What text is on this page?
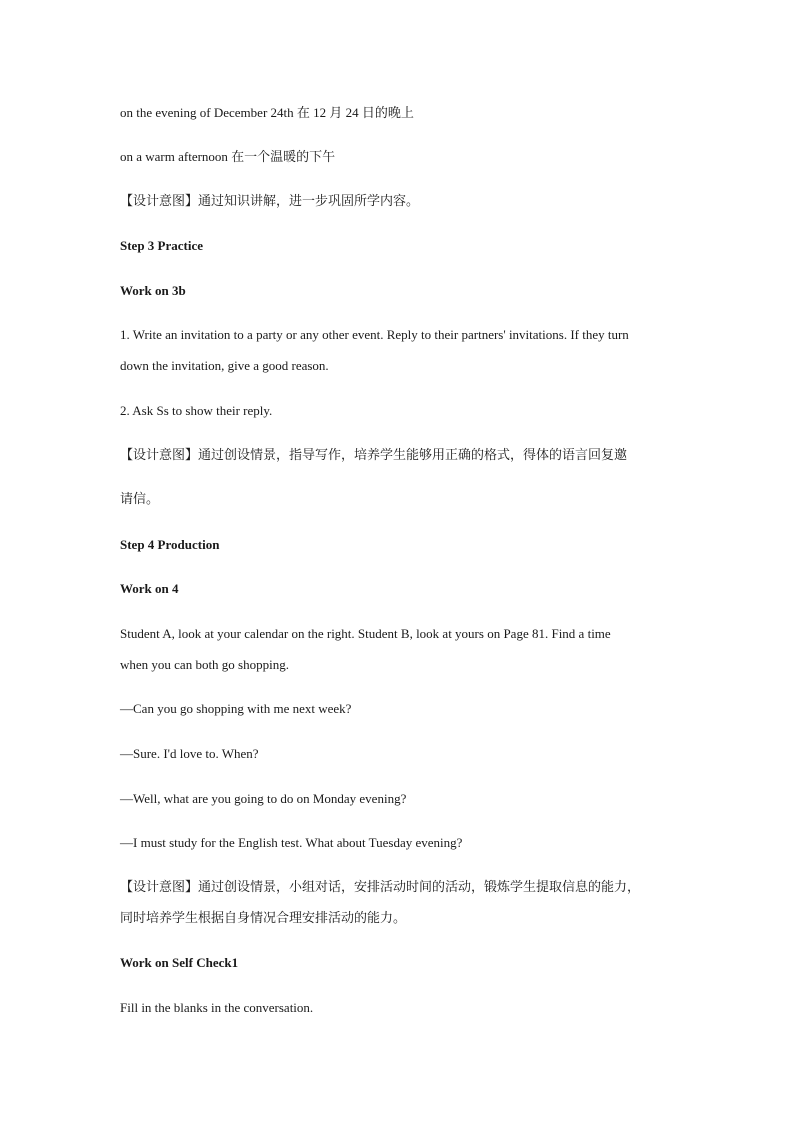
on the evening of December 24th 在 12 月 24 日的晚上
on a warm afternoon 在一个温暖的下午
【设计意图】通过知识讲解，进一步巩固所学内容。
Step 3 Practice
Work on 3b
1. Write an invitation to a party or any other event. Reply to their partners' invitations. If they turn
down the invitation, give a good reason.
2. Ask Ss to show their reply.
【设计意图】通过创设情景，指导写作，培养学生能够用正确的格式，得体的语言回复邀
请信。
Step 4 Production
Work on 4
Student A, look at your calendar on the right. Student B, look at yours on Page 81. Find a time
when you can both go shopping.
—Can you go shopping with me next week?
—Sure. I'd love to. When?
—Well, what are you going to do on Monday evening?
—I must study for the English test. What about Tuesday evening?
【设计意图】通过创设情景，小组对话，安排活动时间的活动，锻炼学生提取信息的能力，
同时培养学生根据自身情况合理安排活动的能力。
Work on Self Check1
Fill in the blanks in the conversation.
